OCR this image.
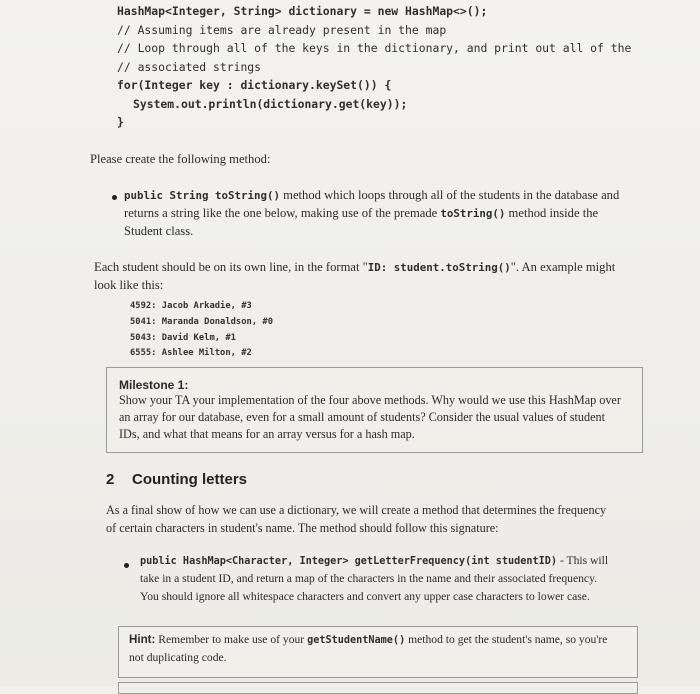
HashMap<Integer, String> dictionary = new HashMap<>();
// Assuming items are already present in the map
// Loop through all of the keys in the dictionary, and print out all of the
// associated strings
for(Integer key : dictionary.keySet()) {
System.out.println(dictionary.get(key));
}
Please create the following method:
public String toString() method which loops through all of the students in the database and returns a string like the one below, making use of the premade toString() method inside the Student class.
Each student should be on its own line, in the format "ID: student.toString()". An example might look like this:
4592: Jacob Arkadie, #3
5041: Maranda Donaldson, #0
5043: David Kelm, #1
6555: Ashlee Milton, #2
Milestone 1:
Show your TA your implementation of the four above methods. Why would we use this HashMap over an array for our database, even for a small amount of students? Consider the usual values of student IDs, and what that means for an array versus for a hash map.
2 Counting letters
As a final show of how we can use a dictionary, we will create a method that determines the frequency of certain characters in student's name. The method should follow this signature:
public HashMap<Character, Integer> getLetterFrequency(int studentID) - This will take in a student ID, and return a map of the characters in the name and their associated frequency. You should ignore all whitespace characters and convert any upper case characters to lower case.
Hint: Remember to make use of your getStudentName() method to get the student's name, so you're not duplicating code.
